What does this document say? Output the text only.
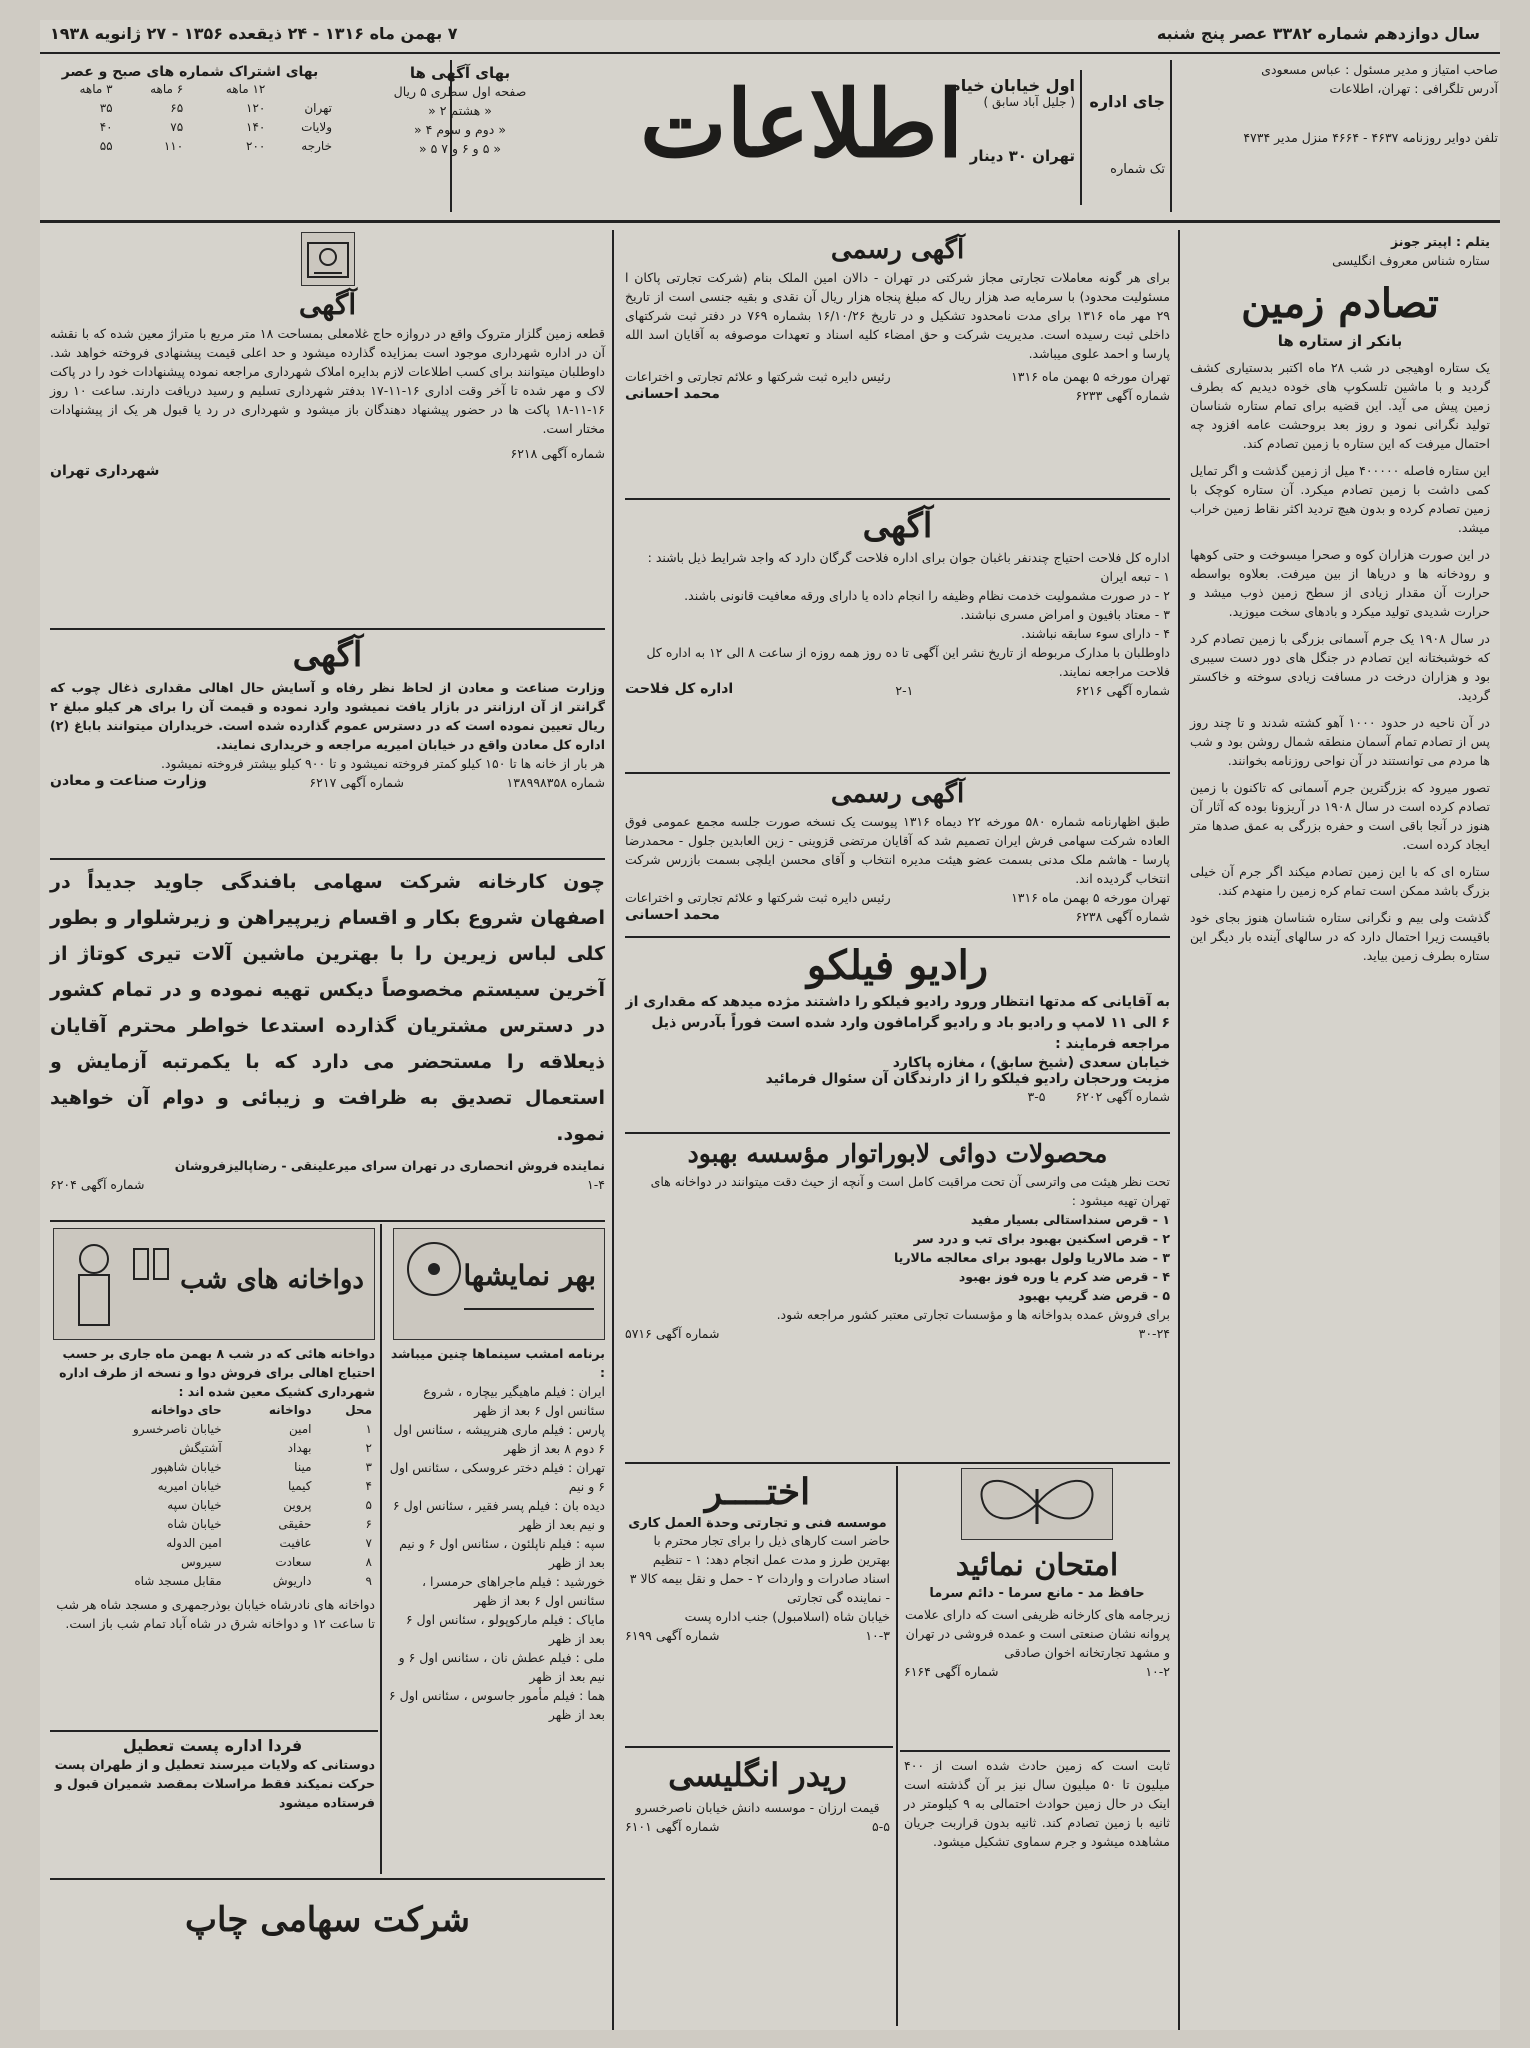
سال دوازدهم شماره ۳۳۸۲ عصر پنج شنبه
۷ بهمن ماه ۱۳۱۶ - ۲۴ ذیقعده ۱۳۵۶ - ۲۷ ژانویه ۱۹۳۸
صاحب امتیاز و مدیر مسئول : عباس مسعودی
آدرس تلگرافی : تهران، اطلاعات
تلفن دوایر روزنامه ۴۶۳۷ - ۴۶۶۴ منزل مدیر ۴۷۳۴
جای اداره
تک شماره
اول خیابان خیام
( جلیل آباد سابق )
تهران ۳۰ دینار
اطلاعات
بهای آگهی ها
صفحه اول سطری ۵ ریال
« هشتم ۲ «
« دوم و سوم ۴ «
« ۵ و ۶ و ۷ ۵ «
بهای اشتراک شماره های صبح و عصر
	۱۲ ماهه	۶ ماهه	۳ ماهه
تهران	۱۲۰	۶۵	۳۵
ولایات	۱۴۰	۷۵	۴۰
خارجه	۲۰۰	۱۱۰	۵۵
یتلم : اپیتر جونز
ستاره شناس معروف انگلیسی
تصادم زمین
بانکر از ستاره ها
یک ستاره اوهیجی در شب ۲۸ ماه اکتبر بدستیاری کشف گردید و با ماشین تلسکوپ های خوده دیدیم که بطرف زمین پیش می آید. این قضیه برای تمام ستاره شناسان تولید نگرانی نمود و روز بعد بروحشت عامه افزود چه احتمال میرفت که این ستاره با زمین تصادم کند.
این ستاره فاصله ۴۰۰۰۰۰ میل از زمین گذشت و اگر تمایل کمی داشت با زمین تصادم میکرد. آن ستاره کوچک با زمین تصادم کرده و بدون هیچ تردید اکثر نقاط زمین خراب میشد.
در این صورت هزاران کوه و صحرا میسوخت و حتی کوهها و رودخانه ها و دریاها از بین میرفت. بعلاوه بواسطه حرارت آن مقدار زیادی از سطح زمین ذوب میشد و حرارت شدیدی تولید میکرد و بادهای سخت میوزید.
در سال ۱۹۰۸ یک جرم آسمانی بزرگی با زمین تصادم کرد که خوشبختانه این تصادم در جنگل های دور دست سیبری بود و هزاران درخت در مسافت زیادی سوخته و خاکستر گردید.
در آن ناحیه در حدود ۱۰۰۰ آهو کشته شدند و تا چند روز پس از تصادم تمام آسمان منطقه شمال روشن بود و شب ها مردم می توانستند در آن نواحی روزنامه بخوانند.
تصور میرود که بزرگترین جرم آسمانی که تاکنون با زمین تصادم کرده است در سال ۱۹۰۸ در آریزونا بوده که آثار آن هنوز در آنجا باقی است و حفره بزرگی به عمق صدها متر ایجاد کرده است.
ستاره ای که با این زمین تصادم میکند اگر جرم آن خیلی بزرگ باشد ممکن است تمام کره زمین را منهدم کند.
گذشت ولی بیم و نگرانی ستاره شناسان هنوز بجای خود باقیست زیرا احتمال دارد که در سالهای آینده بار دیگر این ستاره بطرف زمین بیاید.
آگهی رسمی
برای هر گونه معاملات تجارتی مجاز شرکتی در تهران - دالان امین الملک بنام (شرکت تجارتی پاکان ا مسئولیت محدود) با سرمایه صد هزار ریال که مبلغ پنجاه هزار ریال آن نقدی و بقیه جنسی است از تاریخ ۲۹ مهر ماه ۱۳۱۶ برای مدت نامحدود تشکیل و در تاریخ ۱۶/۱۰/۲۶ بشماره ۷۶۹ در دفتر ثبت شرکتهای داخلی ثبت رسیده است. مدیریت شرکت و حق امضاء کلیه اسناد و تعهدات موصوفه به آقایان اسد الله پارسا و احمد علوی میباشد.
تهران مورخه ۵ بهمن ماه ۱۳۱۶
رئیس دایره ثبت شرکتها و علائم تجارتی و اختراعات
شماره آگهی ۶۲۳۳
محمد احسانی
آگهی
اداره کل فلاحت احتیاج چندنفر باغبان جوان برای اداره فلاحت گرگان دارد که واجد شرایط ذیل باشند :
۱ - تبعه ایران
۲ - در صورت مشمولیت خدمت نظام وظیفه را انجام داده یا دارای ورقه معافیت قانونی باشند.
۳ - معتاد بافیون و امراض مسری نباشند.
۴ - دارای سوء سابقه نباشند.
داوطلبان با مدارک مربوطه از تاریخ نشر این آگهی تا ده روز همه روزه از ساعت ۸ الی ۱۲ به اداره کل فلاحت مراجعه نمایند.
شماره آگهی ۶۲۱۶
۲-۱
اداره کل فلاحت
آگهی رسمی
طبق اظهارنامه شماره ۵۸۰ مورخه ۲۲ دیماه ۱۳۱۶ پیوست یک نسخه صورت جلسه مجمع عمومی فوق العاده شرکت سهامی فرش ایران تصمیم شد که آقایان مرتضی قزوینی - زین العابدین جلول - محمدرضا پارسا - هاشم ملک مدنی بسمت عضو هیئت مدیره انتخاب و آقای محسن ایلچی بسمت بازرس شرکت انتخاب گردیده اند.
تهران مورخه ۵ بهمن ماه ۱۳۱۶
رئیس دایره ثبت شرکتها و علائم تجارتی و اختراعات
شماره آگهی ۶۲۳۸
محمد احسانی
رادیو فیلکو
به آقایانی که مدتها انتظار ورود رادیو فیلکو را داشتند مژده میدهد که مقداری از ۶ الی ۱۱ لامپ و رادیو باد و رادیو گرامافون وارد شده است فوراً بآدرس ذیل مراجعه فرمایند :
خیابان سعدی (شیخ سابق) ، مغازه پاکارد
مزیت ورحجان رادیو فیلکو را از دارندگان آن سئوال فرمائید
شماره آگهی ۶۲۰۲
۳-۵
محصولات دوائی لابوراتوار مؤسسه بهبود
تحت نظر هیئت می واترسی آن تحت مراقبت کامل است و آنچه از حیث دقت میتوانند در دواخانه های تهران تهیه میشود :
۱ - قرص سنداستالی بسیار مفید
۲ - قرص اسکنین بهبود برای تب و درد سر
۳ - ضد مالاریا ولول بهبود برای معالجه مالاریا
۴ - قرص ضد کرم یا وره فوز بهبود
۵ - قرص ضد گریپ بهبود
برای فروش عمده بدواخانه ها و مؤسسات تجارتی معتبر کشور مراجعه شود.
۳۰-۲۴
شماره آگهی ۵۷۱۶
امتحان نمائید
حافظ مد - مانع سرما - دائم سرما
زیرجامه های کارخانه ظریفی است که دارای علامت پروانه نشان صنعتی است و عمده فروشی در تهران و مشهد تجارتخانه اخوان صادقی
۱۰-۲
شماره آگهی ۶۱۶۴
ثابت است که زمین حادث شده است از ۴۰۰ میلیون تا ۵۰ میلیون سال نیز بر آن گذشته است اینک در حال زمین حوادث احتمالی به ۹ کیلومتر در ثانیه با زمین تصادم کند. ثانیه بدون قراربت جریان مشاهده میشود و جرم سماوی تشکیل میشود.
اختــــر
موسسه فنی و تجارتی وحدة العمل کاری
حاضر است کارهای ذیل را برای تجار محترم با بهترین طرز و مدت عمل انجام دهد: ۱ - تنظیم اسناد صادرات و واردات ۲ - حمل و نقل بیمه کالا ۳ - نماینده گی تجارتی
خیابان شاه (اسلامبول) جنب اداره پست
۱۰-۳
شماره آگهی ۶۱۹۹
ریدر انگلیسی
قیمت ارزان - موسسه دانش خیابان ناصرخسرو
۵-۵
شماره آگهی ۶۱۰۱
آگهی
قطعه زمین گلزار متروک واقع در دروازه حاج غلامعلی بمساحت ۱۸ متر مربع با متراژ معین شده که با نقشه آن در اداره شهرداری موجود است بمزایده گذارده میشود و حد اعلی قیمت پیشنهادی فروخته خواهد شد. داوطلبان میتوانند برای کسب اطلاعات لازم بدایره املاک شهرداری مراجعه نموده پیشنهادات خود را در پاکت لاک و مهر شده تا آخر وقت اداری ۱۶-۱۱-۱۷ بدفتر شهرداری تسلیم و رسید دریافت دارند. ساعت ۱۰ روز ۱۶-۱۱-۱۸ پاکت ها در حضور پیشنهاد دهندگان باز میشود و شهرداری در رد یا قبول هر یک از پیشنهادات مختار است.
شماره آگهی ۶۲۱۸
شهرداری تهران
آگهی
وزارت صناعت و معادن از لحاظ نظر رفاه و آسایش حال اهالی مقداری ذغال چوب که گرانتر از آن ارزانتر در بازار یافت نمیشود وارد نموده و قیمت آن را برای هر کیلو مبلغ ۲ ریال تعیین نموده است که در دسترس عموم گذارده شده است. خریداران میتوانند باباغ (۲) اداره کل معادن واقع در خیابان امیریه مراجعه و خریداری نمایند.
هر بار از خانه ها تا ۱۵۰ کیلو کمتر فروخته نمیشود و تا ۹۰۰ کیلو بیشتر فروخته نمیشود.
شماره ۱۳۸۹۹۸۳۵۸
شماره آگهی ۶۲۱۷
وزارت صناعت و معادن
چون کارخانه شرکت سهامی بافندگی جاوید جدیداً در اصفهان شروع بکار و اقسام زیرپیراهن و زیرشلوار و بطور کلی لباس زیرین را با بهترین ماشین آلات تیری کوتاژ از آخرین سیستم مخصوصاً دیکس تهیه نموده و در تمام کشور در دسترس مشتریان گذارده استدعا خواطر محترم آقایان ذیعلاقه را مستحضر می دارد که با یکمرتبه آزمایش و استعمال تصدیق به ظرافت و زیبائی و دوام آن خواهید نمود.
نماینده فروش انحصاری در تهران سرای میرعلینقی - رضاپالیزفروشان
۱-۴
شماره آگهی ۶۲۰۴
بهر نمایشها
برنامه امشب سینماها چنین میباشد :
ایران : فیلم ماهیگیر بیچاره ، شروع سئانس اول ۶ بعد از ظهر
پارس : فیلم ماری هنرپیشه ، سئانس اول ۶ دوم ۸ بعد از ظهر
تهران : فیلم دختر عروسکی ، سئانس اول ۶ و نیم
دیده بان : فیلم پسر فقیر ، سئانس اول ۶ و نیم بعد از ظهر
سپه : فیلم ناپلئون ، سئانس اول ۶ و نیم بعد از ظهر
خورشید : فیلم ماجراهای حرمسرا ، سئانس اول ۶ بعد از ظهر
مایاک : فیلم مارکوپولو ، سئانس اول ۶ بعد از ظهر
ملی : فیلم عطش نان ، سئانس اول ۶ و نیم بعد از ظهر
هما : فیلم مأمور جاسوس ، سئانس اول ۶ بعد از ظهر
دواخانه های شب
دواخانه هائی که در شب ۸ بهمن ماه جاری بر حسب احتیاج اهالی برای فروش دوا و نسخه از طرف اداره شهرداری کشیک معین شده اند :
محل	دواخانه	حای دواخانه
۱	امین	خیابان ناصرخسرو
۲	بهداد	آشتیگش
۳	مینا	خیابان شاهپور
۴	کیمیا	خیابان امیریه
۵	پروین	خیابان سپه
۶	حقیقی	خیابان شاه
۷	عافیت	امین الدوله
۸	سعادت	سیروس
۹	داریوش	مقابل مسجد شاه
دواخانه های نادرشاه خیابان بوذرجمهری و مسجد شاه هر شب تا ساعت ۱۲ و دواخانه شرق در شاه آباد تمام شب باز است.
فردا اداره پست تعطیل
دوستانی که ولایات میرسند تعطیل و از طهران پست حرکت نمیکند فقط مراسلات بمقصد شمیران قبول و فرستاده میشود
شرکت سهامی چاپ
